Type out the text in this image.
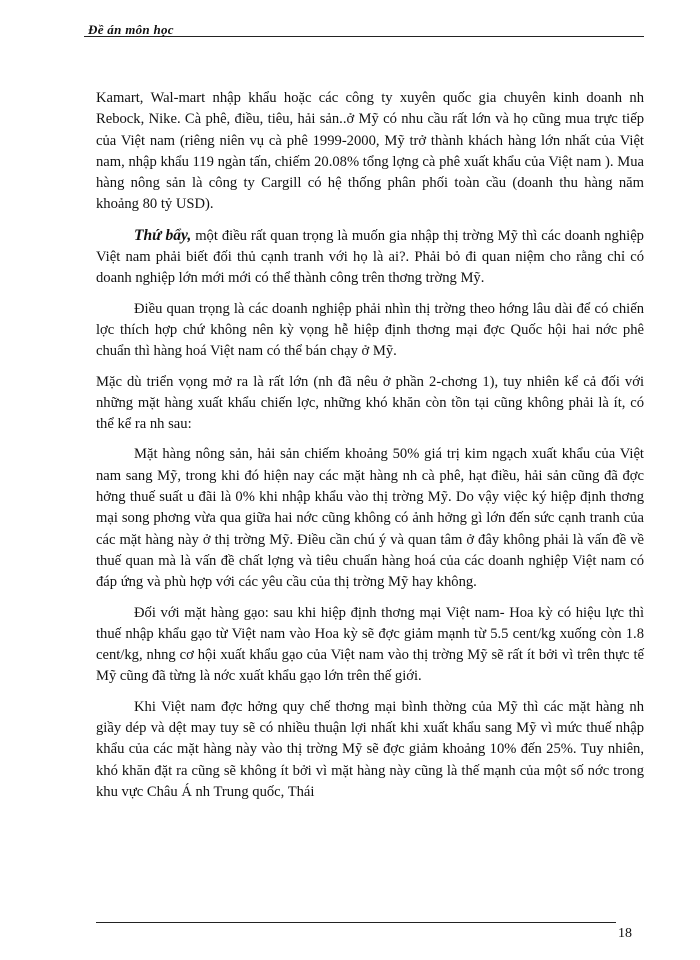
Đề án môn học

Kamart, Wal-mart nhập khẩu hoặc các công ty xuyên quốc gia chuyên kinh doanh nh Rebock, Nike. Cà phê, điều, tiêu, hải sản..ở Mỹ có nhu cầu rất lớn và họ cũng mua trực tiếp của Việt nam (riêng niên vụ cà phê 1999-2000, Mỹ trở thành khách hàng lớn nhất của Việt nam, nhập khẩu 119 ngàn tấn, chiếm 20.08% tổng lợng cà phê xuất khẩu của Việt nam ). Mua hàng nông sản là công ty Cargill có hệ thống phân phối toàn cầu (doanh thu hàng năm khoảng 80 tỷ USD).

Thứ bẩy, một điều rất quan trọng là muốn gia nhập thị trờng Mỹ thì các doanh nghiệp Việt nam phải biết đối thủ cạnh tranh với họ là ai?. Phải bỏ đi quan niệm cho rằng chỉ có doanh nghiệp lớn mới mới có thể thành công trên thơng trờng Mỹ.

Điều quan trọng là các doanh nghiệp phải nhìn thị trờng theo hớng lâu dài để có chiến lợc thích hợp chứ không nên kỳ vọng hễ hiệp định thơng mại đợc Quốc hội hai nớc phê chuẩn thì hàng hoá Việt nam có thể bán chạy ở Mỹ.

Mặc dù triển vọng mở ra là rất lớn (nh đã nêu ở phần 2-chơng 1), tuy nhiên kể cả đối với những mặt hàng xuất khẩu chiến lợc, những khó khăn còn tồn tại cũng không phải là ít, có thể kể ra nh sau:

Mặt hàng nông sản, hải sản chiếm khoảng 50% giá trị kim ngạch xuất khẩu của Việt nam sang Mỹ, trong khi đó hiện nay các mặt hàng nh cà phê, hạt điều, hải sản cũng đã đợc hởng thuế suất u đãi là 0% khi nhập khẩu vào thị trờng Mỹ. Do vậy việc ký hiệp định thơng mại song phơng vừa qua giữa hai nớc cũng không có ảnh hởng gì lớn đến sức cạnh tranh của các mặt hàng này ở thị trờng Mỹ. Điều cần chú ý và quan tâm ở đây không phải là vấn đề về thuế quan mà là vấn đề chất lợng và tiêu chuẩn hàng hoá của các doanh nghiệp Việt nam có đáp ứng và phù hợp với các yêu cầu của thị trờng Mỹ hay không.

Đối với mặt hàng gạo: sau khi hiệp định thơng mại Việt nam- Hoa kỳ có hiệu lực thì thuế nhập khẩu gạo từ Việt nam vào Hoa kỳ sẽ đợc giảm mạnh từ 5.5 cent/kg xuống còn 1.8 cent/kg, nhng cơ hội xuất khẩu gạo của Việt nam vào thị trờng Mỹ sẽ rất ít bởi vì trên thực tế Mỹ cũng đã từng là nớc xuất khẩu gạo lớn trên thế giới.

Khi Việt nam đợc hởng quy chế thơng mại bình thờng của Mỹ thì các mặt hàng nh giầy dép và dệt may tuy sẽ có nhiều thuận lợi nhất khi xuất khẩu sang Mỹ vì mức thuế nhập khẩu của các mặt hàng này vào thị trờng Mỹ sẽ đợc giảm khoảng 10% đến 25%. Tuy nhiên, khó khăn đặt ra cũng sẽ không ít bởi vì mặt hàng này cũng là thế mạnh của một số nớc trong khu vực Châu Á nh Trung quốc, Thái

18
